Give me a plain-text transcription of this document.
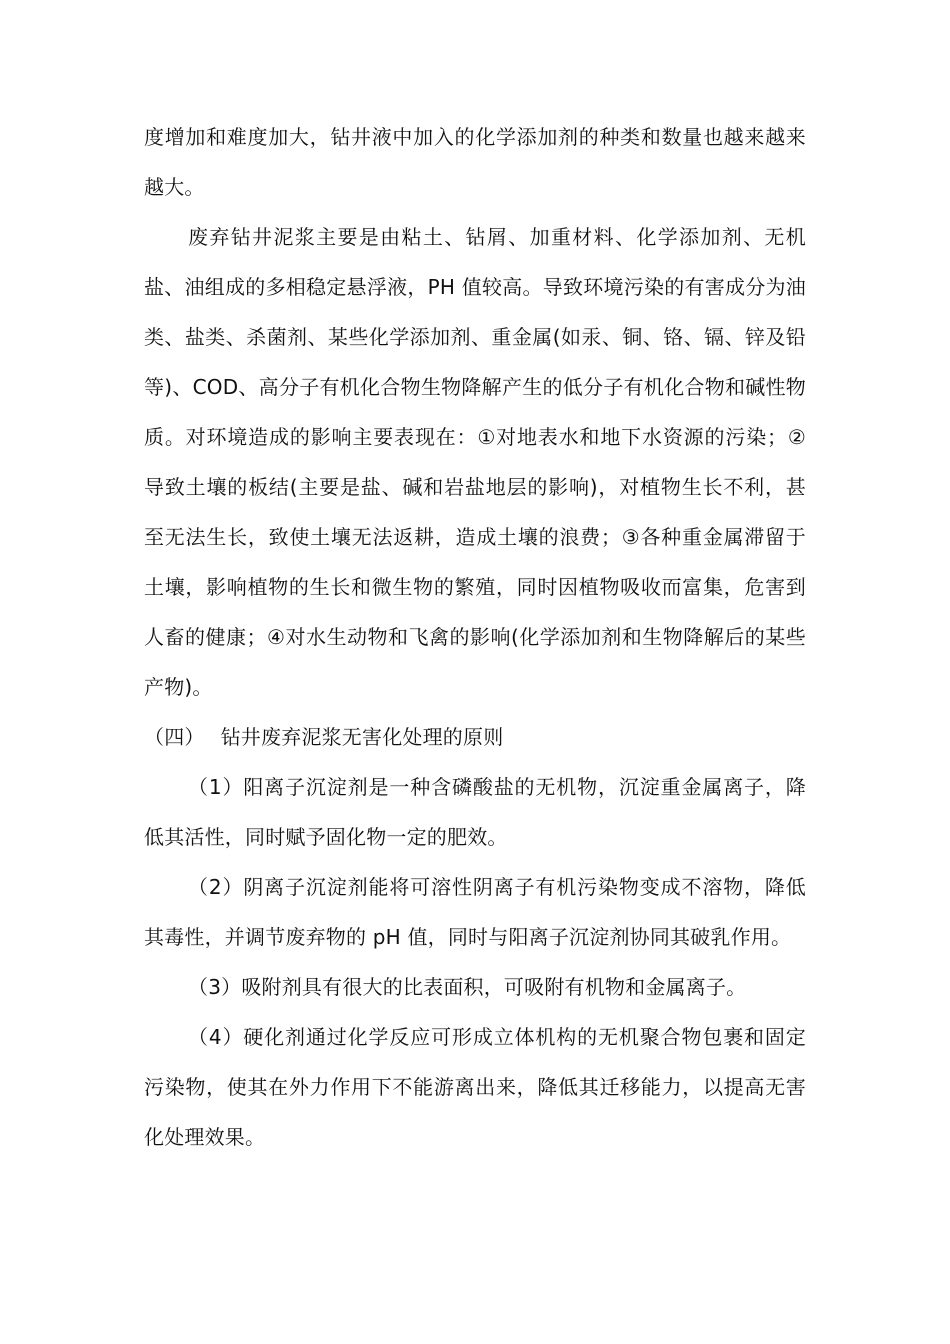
度增加和难度加大，钻井液中加入的化学添加剂的种类和数量也越来越来越大。

废弃钻井泥浆主要是由粘土、钻屑、加重材料、化学添加剂、无机盐、油组成的多相稳定悬浮液，PH 值较高。导致环境污染的有害成分为油类、盐类、杀菌剂、某些化学添加剂、重金属(如汞、铜、铬、镉、锌及铅等)、COD、高分子有机化合物生物降解产生的低分子有机化合物和碱性物质。对环境造成的影响主要表现在：①对地表水和地下水资源的污染；②导致土壤的板结(主要是盐、碱和岩盐地层的影响)，对植物生长不利，甚至无法生长，致使土壤无法返耕，造成土壤的浪费；③各种重金属滞留于土壤，影响植物的生长和微生物的繁殖，同时因植物吸收而富集，危害到人畜的健康；④对水生动物和飞禽的影响(化学添加剂和生物降解后的某些产物)。

（四） 钻井废弃泥浆无害化处理的原则

（1）阳离子沉淀剂是一种含磷酸盐的无机物，沉淀重金属离子，降低其活性，同时赋予固化物一定的肥效。

（2）阴离子沉淀剂能将可溶性阴离子有机污染物变成不溶物，降低其毒性，并调节废弃物的 pH 值，同时与阳离子沉淀剂协同其破乳作用。

（3）吸附剂具有很大的比表面积，可吸附有机物和金属离子。

（4）硬化剂通过化学反应可形成立体机构的无机聚合物包裹和固定污染物，使其在外力作用下不能游离出来，降低其迁移能力，以提高无害化处理效果。
